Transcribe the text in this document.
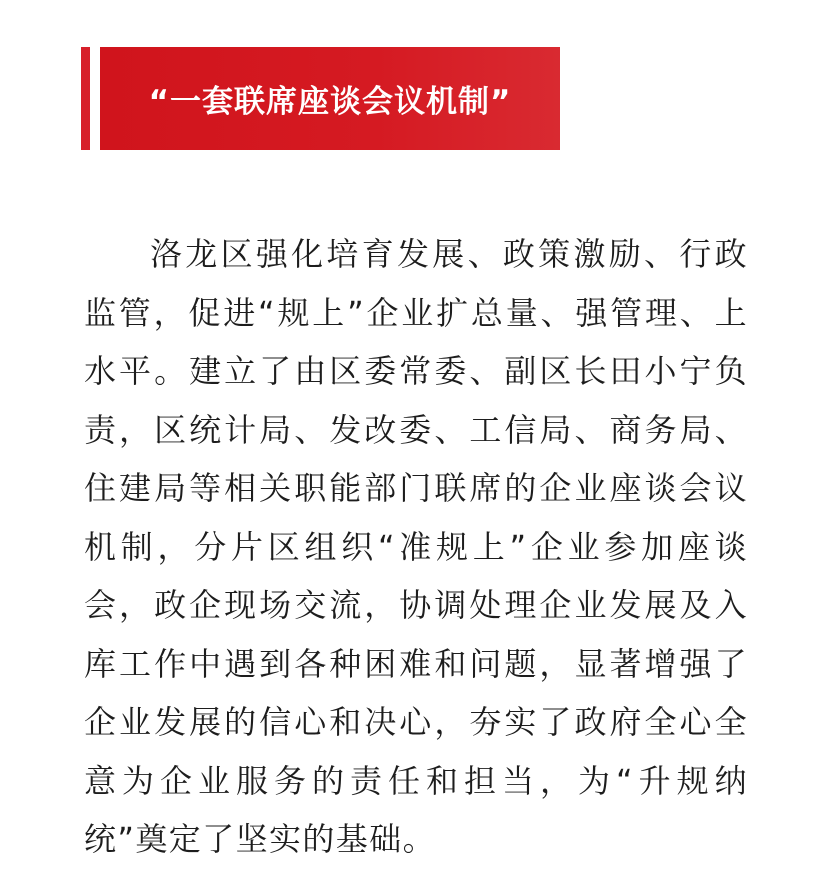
“一套联席座谈会议机制”

洛龙区强化培育发展、政策激励、行政监管，促进“规上”企业扩总量、强管理、上水平。建立了由区委常委、副区长田小宁负责，区统计局、发改委、工信局、商务局、住建局等相关职能部门联席的企业座谈会议机制，分片区组织“准规上”企业参加座谈会，政企现场交流，协调处理企业发展及入库工作中遇到各种困难和问题，显著增强了企业发展的信心和决心，夯实了政府全心全意为企业服务的责任和担当，为“升规纳统”奠定了坚实的基础。
